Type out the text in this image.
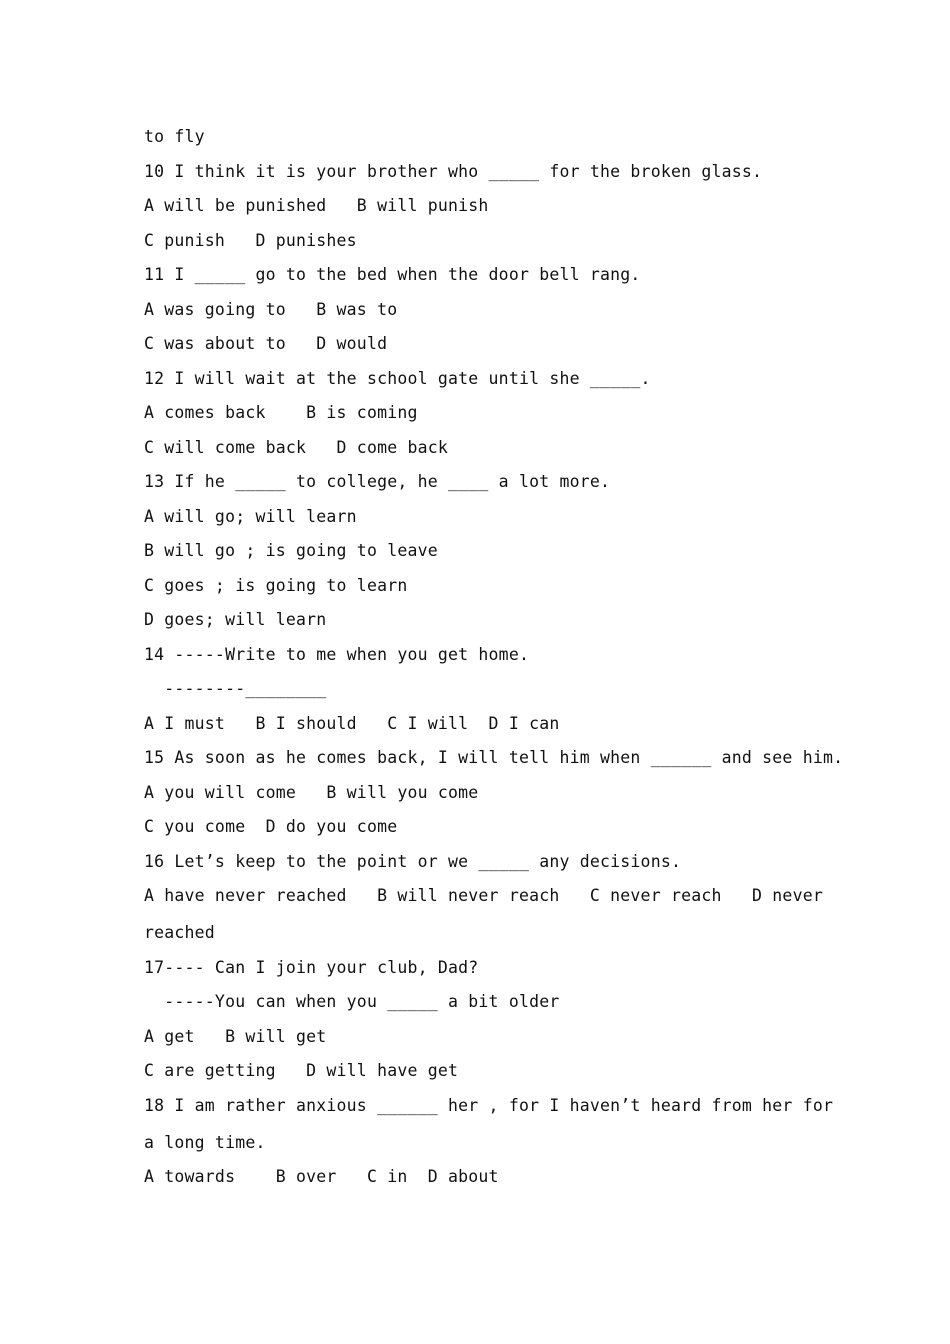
to fly
10 I think it is your brother who _____ for the broken glass.
A will be punished   B will punish
C punish   D punishes
11 I _____ go to the bed when the door bell rang.
A was going to   B was to
C was about to   D would
12 I will wait at the school gate until she _____.
A comes back    B is coming
C will come back   D come back
13 If he _____ to college, he ____ a lot more.
A will go; will learn
B will go ; is going to leave
C goes ; is going to learn
D goes; will learn
14 -----Write to me when you get home.
--------________
A I must   B I should   C I will  D I can
15 As soon as he comes back, I will tell him when ______ and see him.
A you will come   B will you come
C you come  D do you come
16 Let’s keep to the point or we _____ any decisions.
A have never reached   B will never reach   C never reach   D never
reached
17---- Can I join your club, Dad?
-----You can when you _____ a bit older
A get   B will get
C are getting   D will have get
18 I am rather anxious ______ her , for I haven’t heard from her for
a long time.
A towards    B over   C in  D about
